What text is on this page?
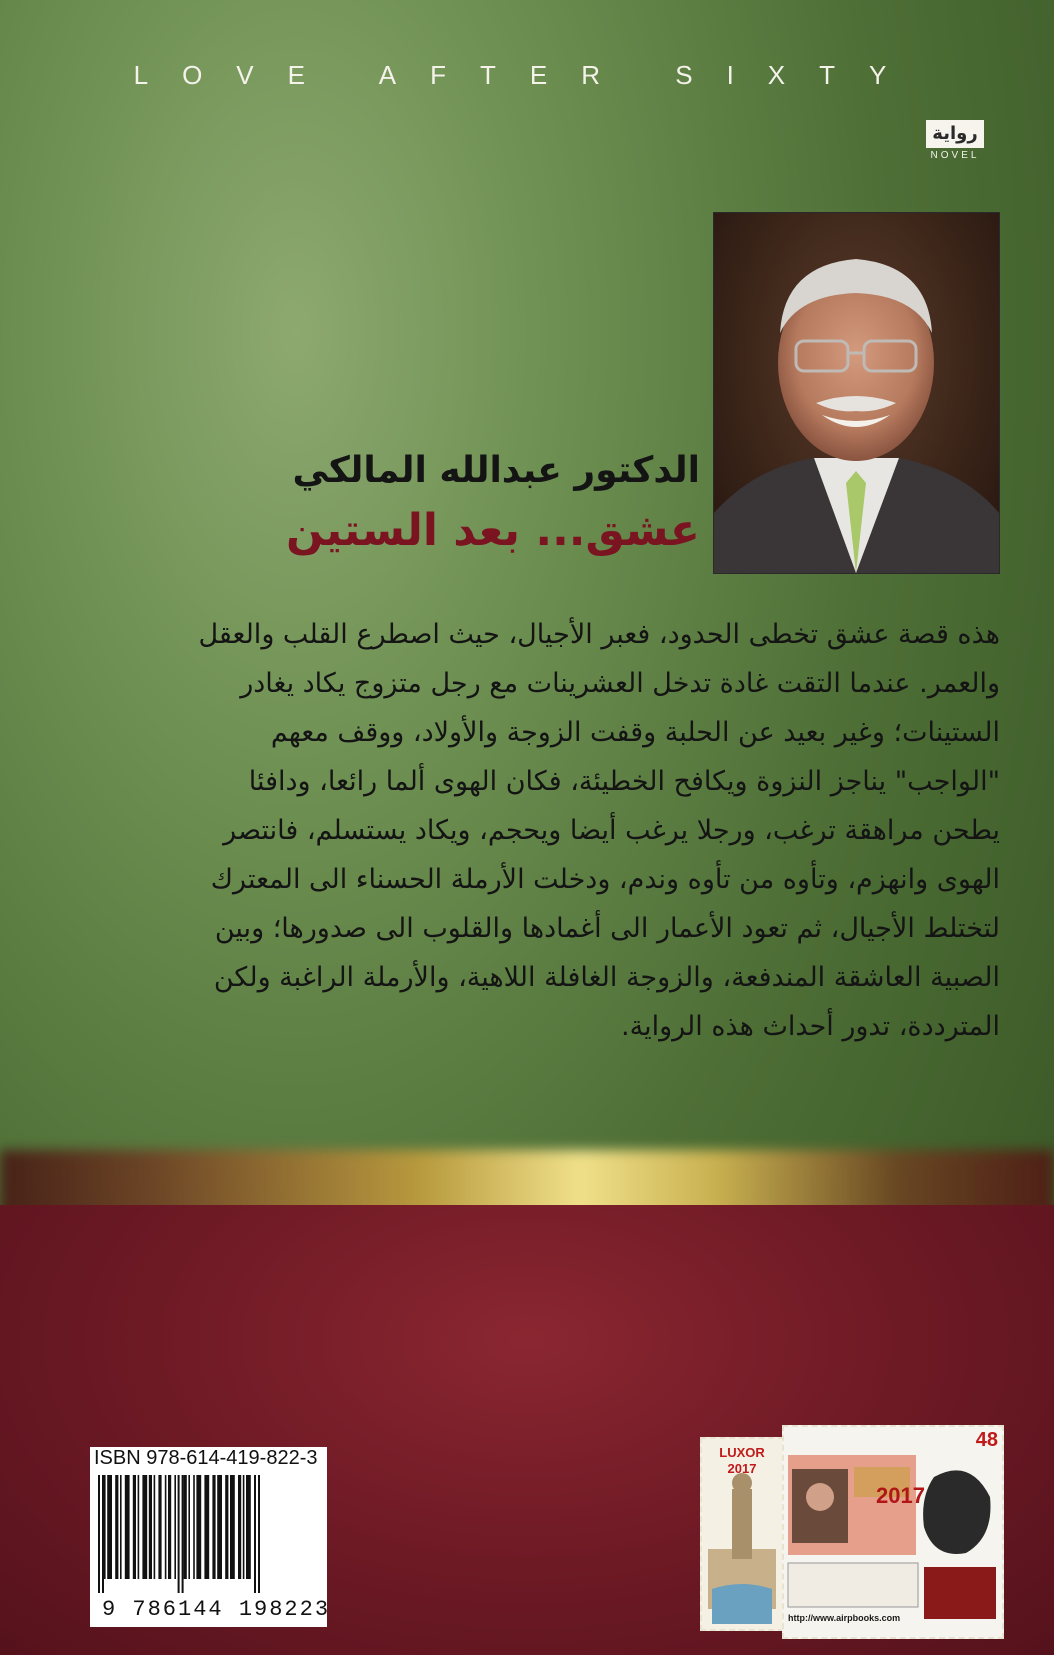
LOVE AFTER SIXTY
رواية
NOVEL
الدكتور عبدالله المالكي
عشق... بعد الستين
هذه قصة عشق تخطى الحدود، فعبر الأجيال، حيث اصطرع القلب والعقل
والعمر. عندما التقت غادة تدخل العشرينات مع رجل متزوج يكاد يغادر
الستينات؛ وغير بعيد عن الحلبة وقفت الزوجة والأولاد، ووقف معهم
"الواجب" يناجز النزوة ويكافح الخطيئة، فكان الهوى ألما رائعا، ودافئا
يطحن مراهقة ترغب، ورجلا يرغب أيضا ويحجم، ويكاد يستسلم، فانتصر
الهوى وانهزم، وتأوه من تأوه وندم، ودخلت الأرملة الحسناء الى المعترك
لتختلط الأجيال، ثم تعود الأعمار الى أغمادها والقلوب الى صدورها؛ وبين
الصبية العاشقة المندفعة، والزوجة الغافلة اللاهية، والأرملة الراغبة ولكن
المترددة، تدور أحداث هذه الرواية.
ISBN 978-614-419-822-3
9 786144 198223
LUXOR
2017
48
2017
http://www.airpbooks.com
